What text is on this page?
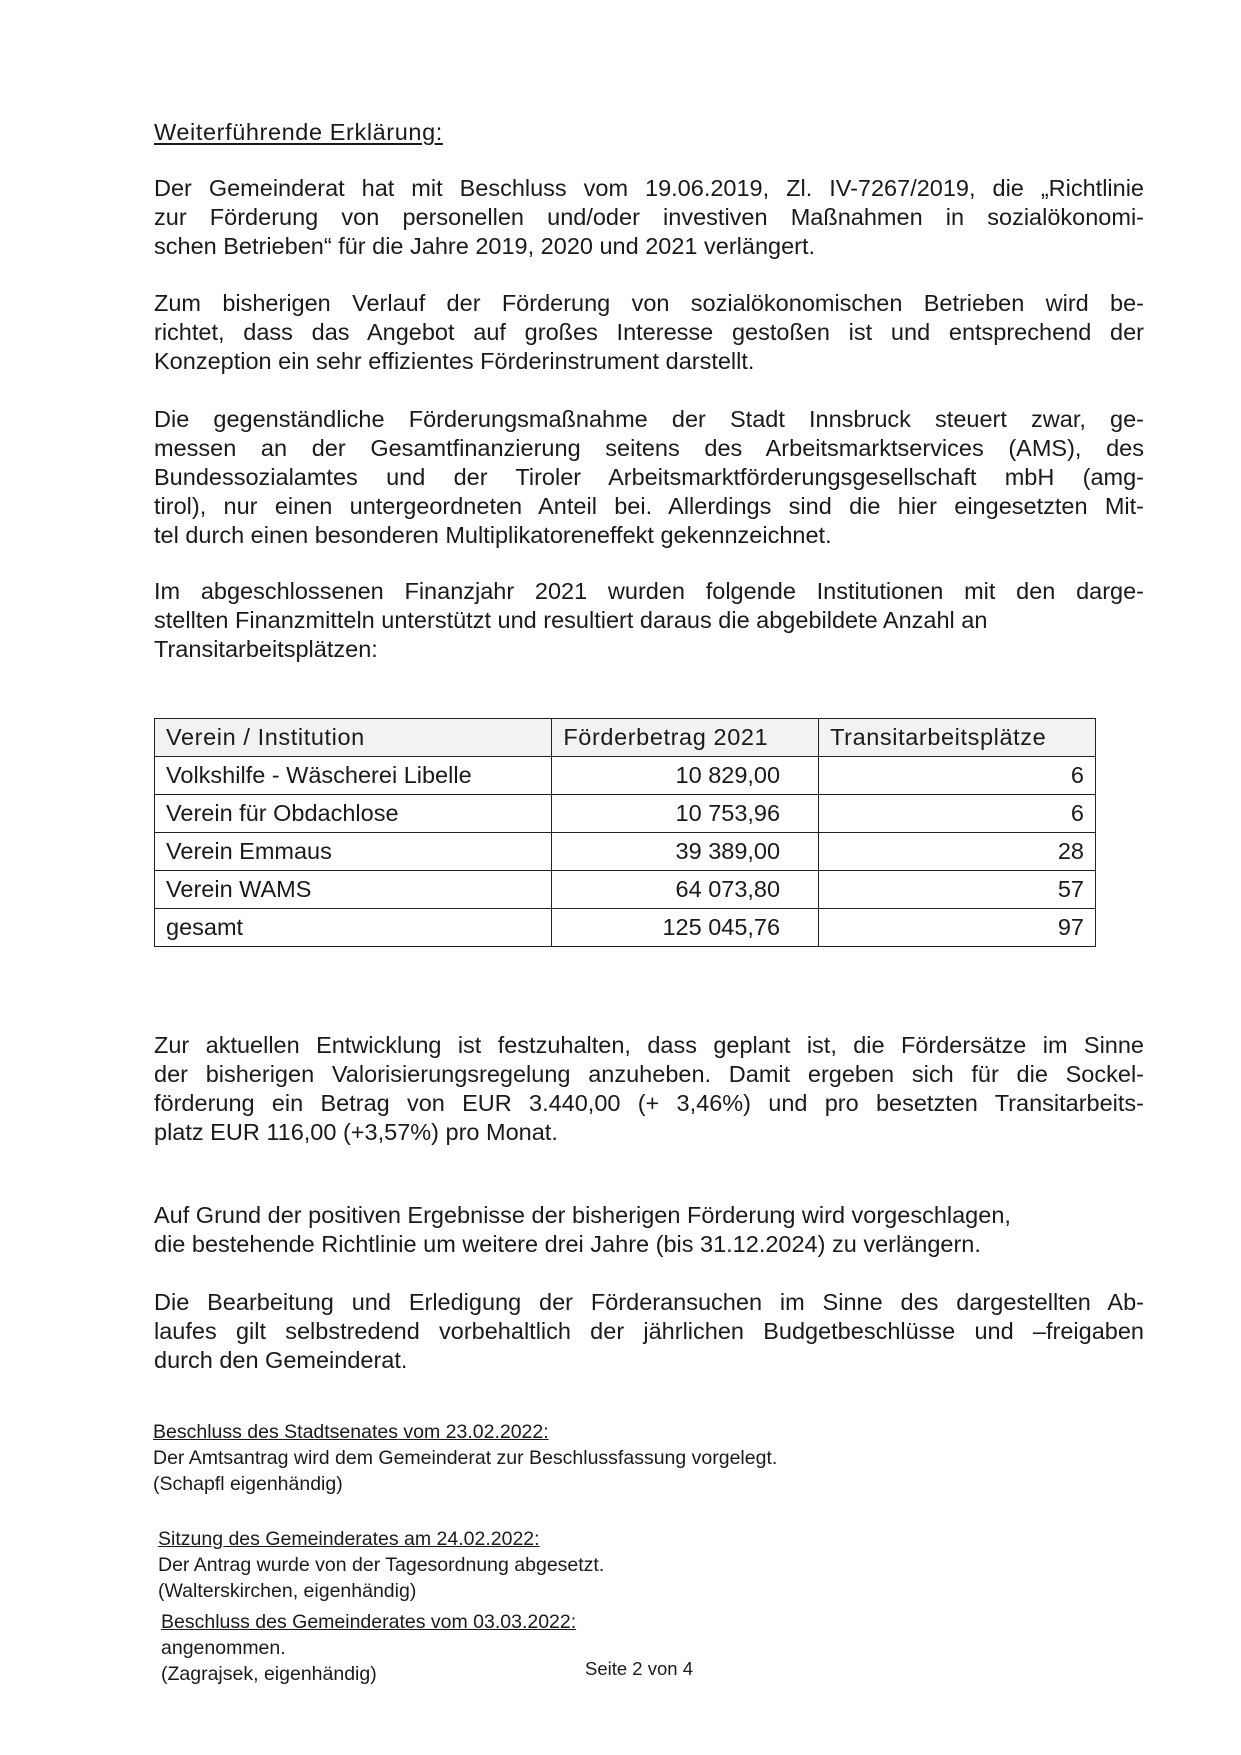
Weiterführende Erklärung:
Der Gemeinderat hat mit Beschluss vom 19.06.2019, Zl. IV-7267/2019, die „Richtlinie
zur Förderung von personellen und/oder investiven Maßnahmen in sozialökonomi-
schen Betrieben“ für die Jahre 2019, 2020 und 2021 verlängert.
Zum bisherigen Verlauf der Förderung von sozialökonomischen Betrieben wird be-
richtet, dass das Angebot auf großes Interesse gestoßen ist und entsprechend der
Konzeption ein sehr effizientes Förderinstrument darstellt.
Die gegenständliche Förderungsmaßnahme der Stadt Innsbruck steuert zwar, ge-
messen an der Gesamtfinanzierung seitens des Arbeitsmarktservices (AMS), des
Bundessozialamtes und der Tiroler Arbeitsmarktförderungsgesellschaft mbH (amg-
tirol), nur einen untergeordneten Anteil bei. Allerdings sind die hier eingesetzten Mit-
tel durch einen besonderen Multiplikatoreneffekt gekennzeichnet.
Im abgeschlossenen Finanzjahr 2021 wurden folgende Institutionen mit den darge-
stellten Finanzmitteln unterstützt und resultiert daraus die abgebildete Anzahl an
Transitarbeitsplätzen:
Verein / Institution	Förderbetrag 2021	Transitarbeitsplätze
Volkshilfe - Wäscherei Libelle	10 829,00	6
Verein für Obdachlose	10 753,96	6
Verein Emmaus	39 389,00	28
Verein WAMS	64 073,80	57
gesamt	125 045,76	97
Zur aktuellen Entwicklung ist festzuhalten, dass geplant ist, die Fördersätze im Sinne
der bisherigen Valorisierungsregelung anzuheben. Damit ergeben sich für die Sockel-
förderung ein Betrag von EUR 3.440,00 (+ 3,46%) und pro besetzten Transitarbeits-
platz EUR 116,00 (+3,57%) pro Monat.
Auf Grund der positiven Ergebnisse der bisherigen Förderung wird vorgeschlagen,
die bestehende Richtlinie um weitere drei Jahre (bis 31.12.2024) zu verlängern.
Die Bearbeitung und Erledigung der Förderansuchen im Sinne des dargestellten Ab-
laufes gilt selbstredend vorbehaltlich der jährlichen Budgetbeschlüsse und –freigaben
durch den Gemeinderat.
Beschluss des Stadtsenates vom 23.02.2022:
Der Amtsantrag wird dem Gemeinderat zur Beschlussfassung vorgelegt.
(Schapfl eigenhändig)
Sitzung des Gemeinderates am 24.02.2022:
Der Antrag wurde von der Tagesordnung abgesetzt.
(Walterskirchen, eigenhändig)
Beschluss des Gemeinderates vom 03.03.2022:
angenommen.
(Zagrajsek, eigenhändig)	Seite 2 von 4
